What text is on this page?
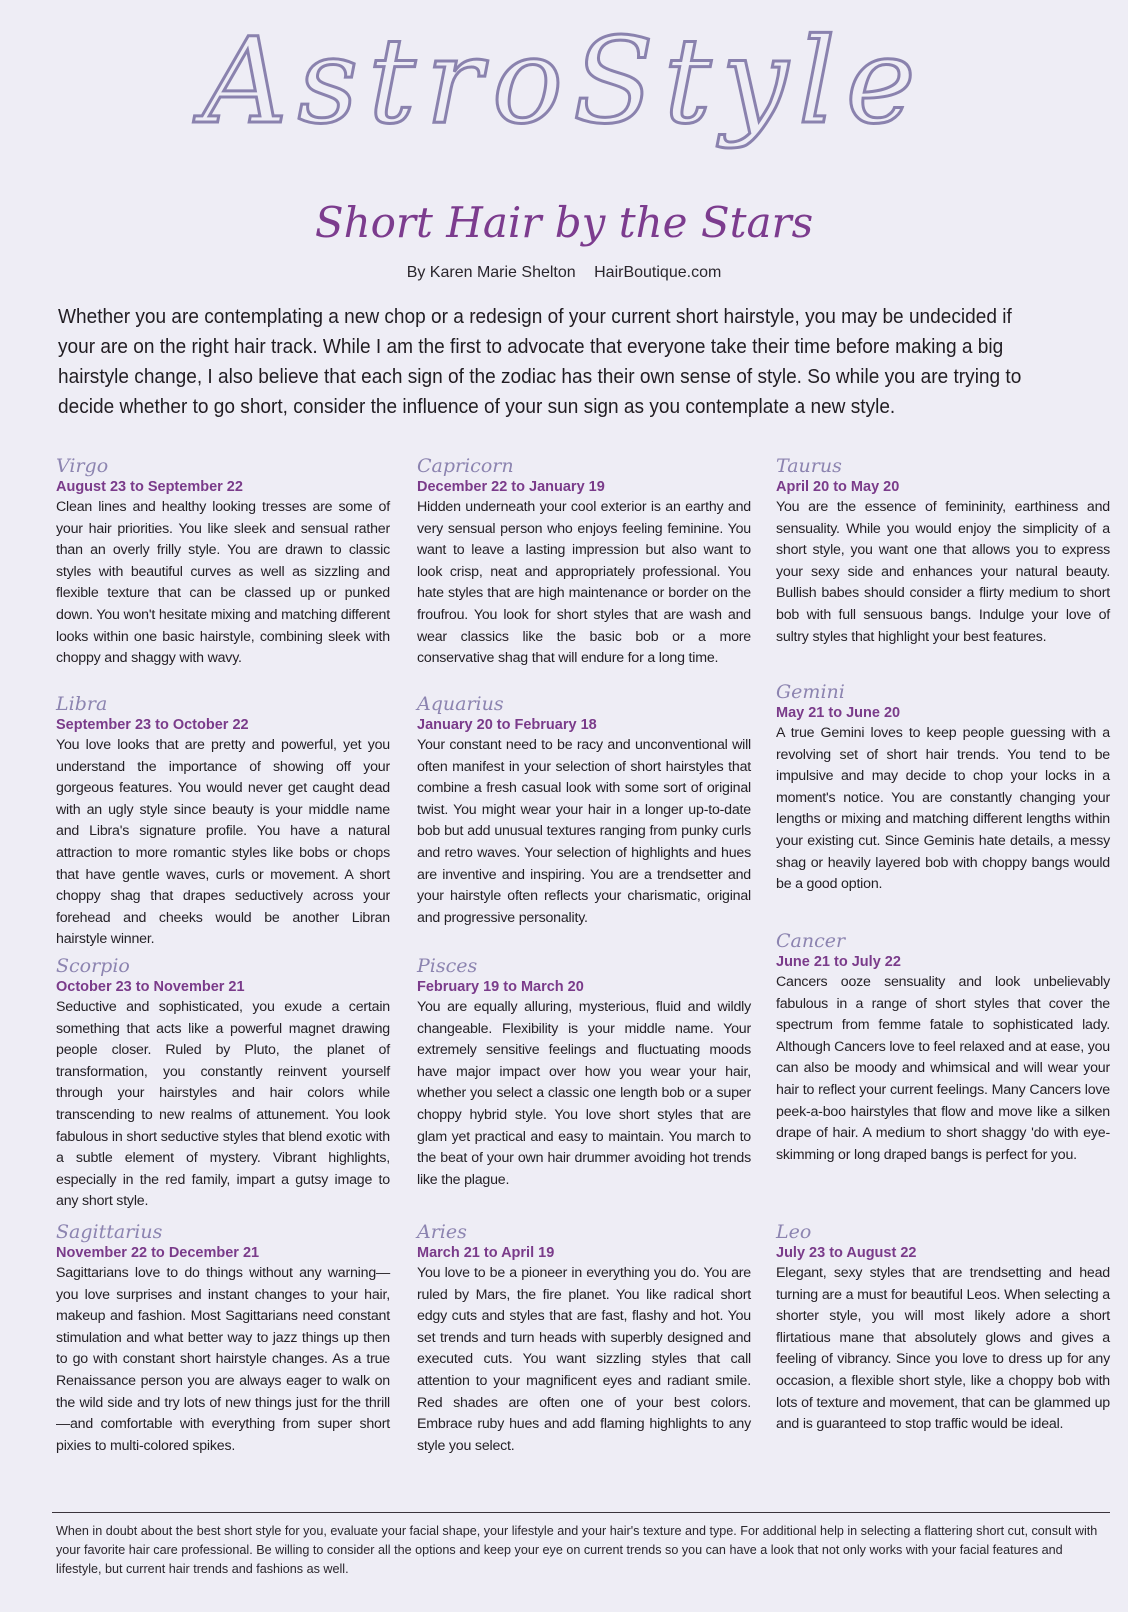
AstroStyle
Short Hair by the Stars
By Karen Marie Shelton HairBoutique.com
Whether you are contemplating a new chop or a redesign of your current short hairstyle, you may be undecided if your are on the right hair track. While I am the first to advocate that everyone take their time before making a big hairstyle change, I also believe that each sign of the zodiac has their own sense of style. So while you are trying to decide whether to go short, consider the influence of your sun sign as you contemplate a new style.
Virgo
August 23 to September 22
Clean lines and healthy looking tresses are some of your hair priorities. You like sleek and sensual rather than an overly frilly style. You are drawn to classic styles with beautiful curves as well as sizzling and flexible texture that can be classed up or punked down. You won't hesitate mixing and matching different looks within one basic hairstyle, combining sleek with choppy and shaggy with wavy.
Libra
September 23 to October 22
You love looks that are pretty and powerful, yet you understand the importance of showing off your gorgeous features. You would never get caught dead with an ugly style since beauty is your middle name and Libra's signature profile. You have a natural attraction to more romantic styles like bobs or chops that have gentle waves, curls or movement. A short choppy shag that drapes seductively across your forehead and cheeks would be another Libran hairstyle winner.
Scorpio
October 23 to November 21
Seductive and sophisticated, you exude a certain something that acts like a powerful magnet drawing people closer. Ruled by Pluto, the planet of transformation, you constantly reinvent yourself through your hairstyles and hair colors while transcending to new realms of attunement. You look fabulous in short seductive styles that blend exotic with a subtle element of mystery. Vibrant highlights, especially in the red family, impart a gutsy image to any short style.
Sagittarius
November 22 to December 21
Sagittarians love to do things without any warning—you love surprises and instant changes to your hair, makeup and fashion. Most Sagittarians need constant stimulation and what better way to jazz things up then to go with constant short hairstyle changes. As a true Renaissance person you are always eager to walk on the wild side and try lots of new things just for the thrill—and comfortable with everything from super short pixies to multi-colored spikes.
Capricorn
December 22 to January 19
Hidden underneath your cool exterior is an earthy and very sensual person who enjoys feeling feminine. You want to leave a lasting impression but also want to look crisp, neat and appropriately professional. You hate styles that are high maintenance or border on the froufrou. You look for short styles that are wash and wear classics like the basic bob or a more conservative shag that will endure for a long time.
Aquarius
January 20 to February 18
Your constant need to be racy and unconventional will often manifest in your selection of short hairstyles that combine a fresh casual look with some sort of original twist. You might wear your hair in a longer up-to-date bob but add unusual textures ranging from punky curls and retro waves. Your selection of highlights and hues are inventive and inspiring. You are a trendsetter and your hairstyle often reflects your charismatic, original and progressive personality.
Pisces
February 19 to March 20
You are equally alluring, mysterious, fluid and wildly changeable. Flexibility is your middle name. Your extremely sensitive feelings and fluctuating moods have major impact over how you wear your hair, whether you select a classic one length bob or a super choppy hybrid style. You love short styles that are glam yet practical and easy to maintain. You march to the beat of your own hair drummer avoiding hot trends like the plague.
Aries
March 21 to April 19
You love to be a pioneer in everything you do. You are ruled by Mars, the fire planet. You like radical short edgy cuts and styles that are fast, flashy and hot. You set trends and turn heads with superbly designed and executed cuts. You want sizzling styles that call attention to your magnificent eyes and radiant smile. Red shades are often one of your best colors. Embrace ruby hues and add flaming highlights to any style you select.
Taurus
April 20 to May 20
You are the essence of femininity, earthiness and sensuality. While you would enjoy the simplicity of a short style, you want one that allows you to express your sexy side and enhances your natural beauty. Bullish babes should consider a flirty medium to short bob with full sensuous bangs. Indulge your love of sultry styles that highlight your best features.
Gemini
May 21 to June 20
A true Gemini loves to keep people guessing with a revolving set of short hair trends. You tend to be impulsive and may decide to chop your locks in a moment's notice. You are constantly changing your lengths or mixing and matching different lengths within your existing cut. Since Geminis hate details, a messy shag or heavily layered bob with choppy bangs would be a good option.
Cancer
June 21 to July 22
Cancers ooze sensuality and look unbelievably fabulous in a range of short styles that cover the spectrum from femme fatale to sophisticated lady. Although Cancers love to feel relaxed and at ease, you can also be moody and whimsical and will wear your hair to reflect your current feelings. Many Cancers love peek-a-boo hairstyles that flow and move like a silken drape of hair. A medium to short shaggy 'do with eye-skimming or long draped bangs is perfect for you.
Leo
July 23 to August 22
Elegant, sexy styles that are trendsetting and head turning are a must for beautiful Leos. When selecting a shorter style, you will most likely adore a short flirtatious mane that absolutely glows and gives a feeling of vibrancy. Since you love to dress up for any occasion, a flexible short style, like a choppy bob with lots of texture and movement, that can be glammed up and is guaranteed to stop traffic would be ideal.
When in doubt about the best short style for you, evaluate your facial shape, your lifestyle and your hair's texture and type. For additional help in selecting a flattering short cut, consult with your favorite hair care professional. Be willing to consider all the options and keep your eye on current trends so you can have a look that not only works with your facial features and lifestyle, but current hair trends and fashions as well.
